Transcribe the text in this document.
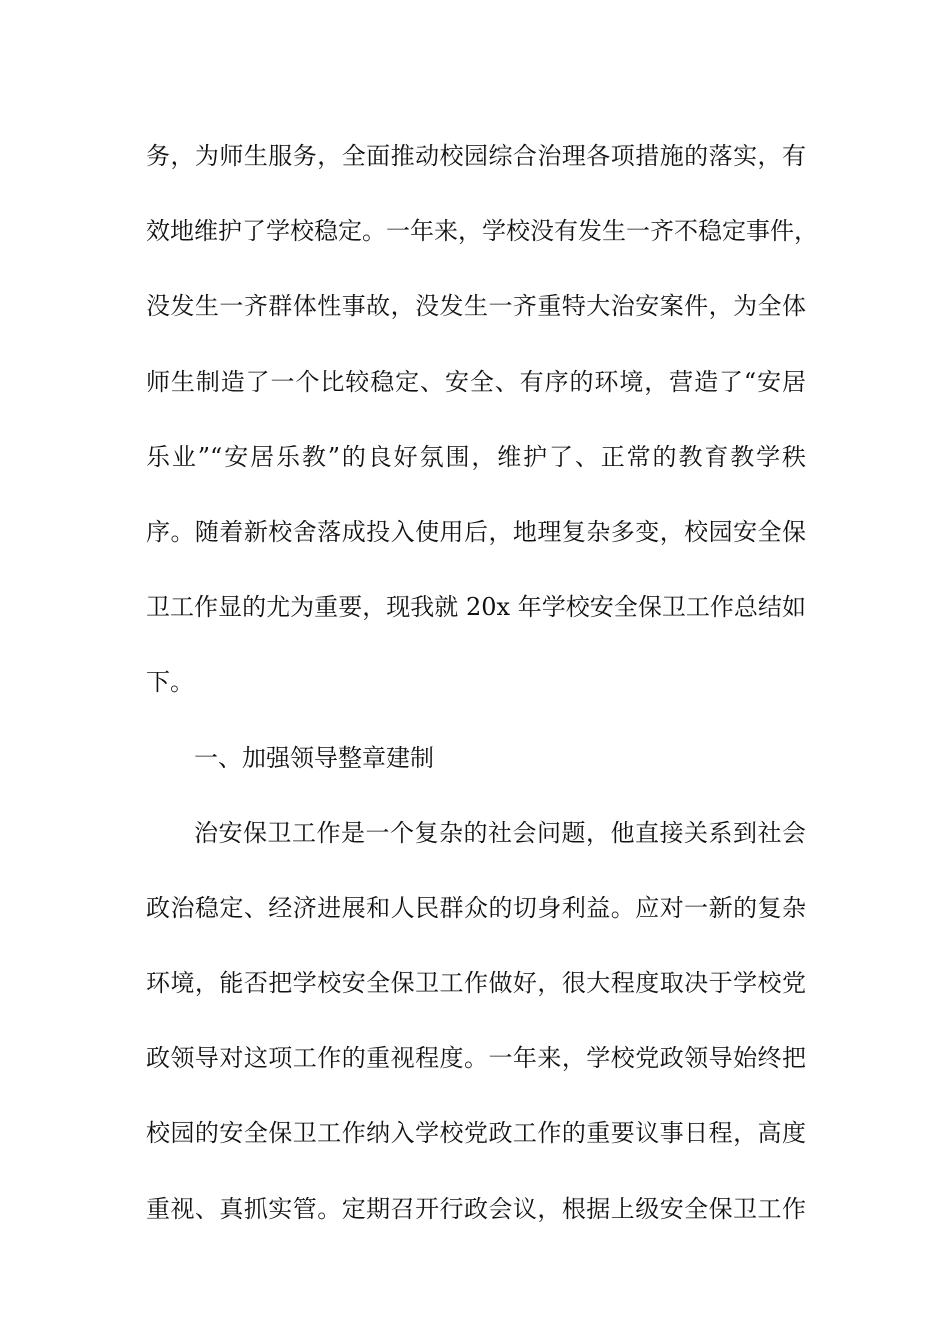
务，为师生服务，全面推动校园综合治理各项措施的落实，有
效地维护了学校稳定。一年来，学校没有发生一齐不稳定事件，
没发生一齐群体性事故，没发生一齐重特大治安案件，为全体
师生制造了一个比较稳定、安全、有序的环境，营造了“安居
乐业”“安居乐教”的良好氛围，维护了、正常的教育教学秩
序。随着新校舍落成投入使用后，地理复杂多变，校园安全保
卫工作显的尤为重要，现我就 20x 年学校安全保卫工作总结如
下。
一、加强领导整章建制
治安保卫工作是一个复杂的社会问题，他直接关系到社会
政治稳定、经济进展和人民群众的切身利益。应对一新的复杂
环境，能否把学校安全保卫工作做好，很大程度取决于学校党
政领导对这项工作的重视程度。一年来，学校党政领导始终把
校园的安全保卫工作纳入学校党政工作的重要议事日程，高度
重视、真抓实管。定期召开行政会议，根据上级安全保卫工作
